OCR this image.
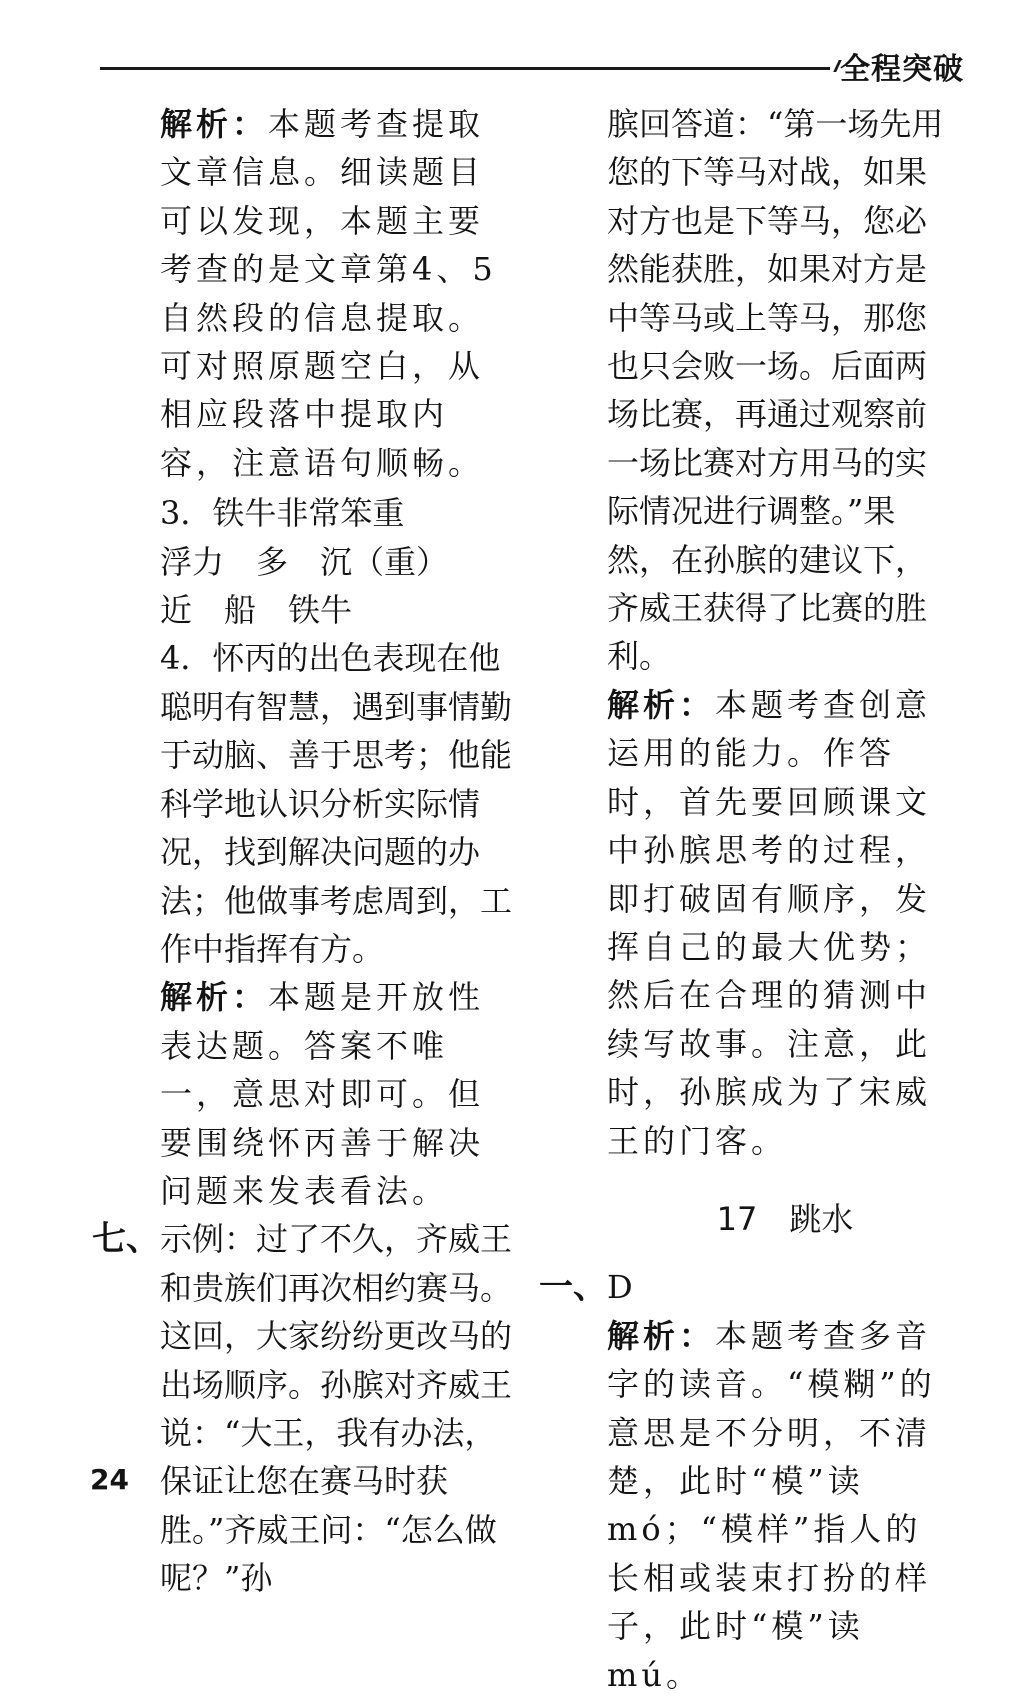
全程突破

解析：本题考查提取文章信息。细读题目可以发现，本题主要考查的是文章第4、5自然段的信息提取。可对照原题空白，从相应段落中提取内容，注意语句顺畅。

3．铁牛非常笨重

浮力　多　沉（重）

近　船　铁牛

4．怀丙的出色表现在他聪明有智慧，遇到事情勤于动脑、善于思考；他能科学地认识分析实际情况，找到解决问题的办法；他做事考虑周到，工作中指挥有方。

解析：本题是开放性表达题。答案不唯一，意思对即可。但要围绕怀丙善于解决问题来发表看法。

七、 示例：过了不久，齐威王和贵族们再次相约赛马。这回，大家纷纷更改马的出场顺序。孙膑对齐威王说：“大王，我有办法，保证让您在赛马时获胜。”齐威王问：“怎么做呢？”孙

膑回答道：“第一场先用您的下等马对战，如果对方也是下等马，您必然能获胜，如果对方是中等马或上等马，那您也只会败一场。后面两场比赛，再通过观察前一场比赛对方用马的实际情况进行调整。”果然，在孙膑的建议下，齐威王获得了比赛的胜利。

解析：本题考查创意运用的能力。作答时，首先要回顾课文中孙膑思考的过程，即打破固有顺序，发挥自己的最大优势；然后在合理的猜测中续写故事。注意，此时，孙膑成为了宋威王的门客。

17　跳水

一、 D

解析：本题考查多音字的读音。“模糊”的意思是不分明，不清楚，此时“模”读mó；“模样”指人的长相或装束打扮的样子，此时“模”读mú。

24
